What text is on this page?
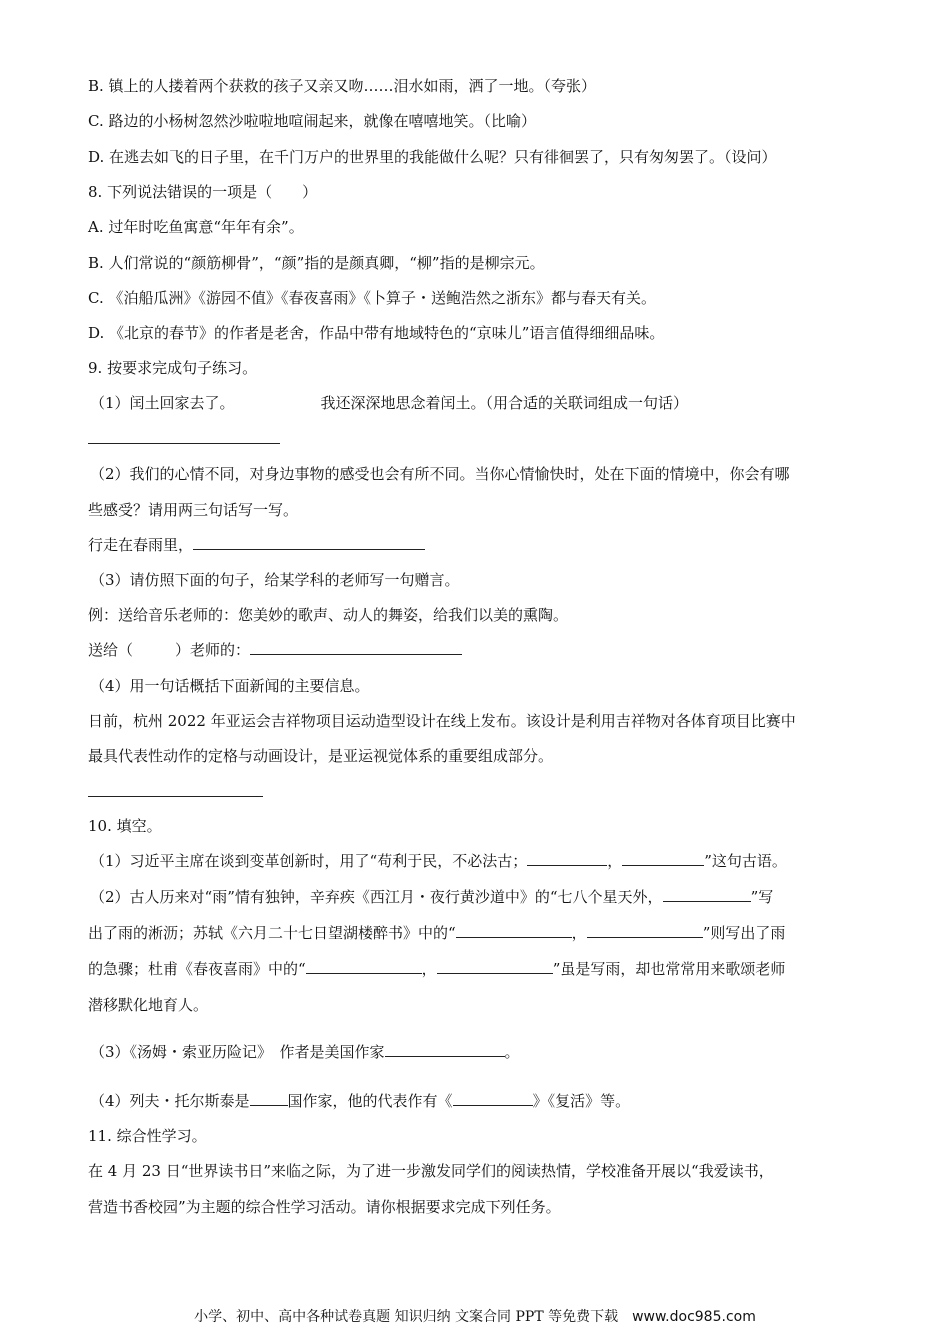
B. 镇上的人搂着两个获救的孩子又亲又吻……泪水如雨，洒了一地。（夸张）
C. 路边的小杨树忽然沙啦啦地喧闹起来，就像在嘻嘻地笑。（比喻）
D. 在逃去如飞的日子里，在千门万户的世界里的我能做什么呢？只有徘徊罢了，只有匆匆罢了。（设问）
8. 下列说法错误的一项是（　　）
A. 过年时吃鱼寓意“年年有余”。
B. 人们常说的“颜筋柳骨”，“颜”指的是颜真卿，“柳”指的是柳宗元。
C. 《泊船瓜洲》《游园不值》《春夜喜雨》《卜算子・送鲍浩然之浙东》都与春天有关。
D. 《北京的春节》的作者是老舍，作品中带有地域特色的“京味儿”语言值得细细品味。
9. 按要求完成句子练习。
（1）闰土回家去了。	我还深深地思念着闰土。（用合适的关联词组成一句话）
（2）我们的心情不同，对身边事物的感受也会有所不同。当你心情愉快时，处在下面的情境中，你会有哪
些感受？请用两三句话写一写。
行走在春雨里，
（3）请仿照下面的句子，给某学科的老师写一句赠言。
例：送给音乐老师的：您美妙的歌声、动人的舞姿，给我们以美的熏陶。
送给（	）老师的：
（4）用一句话概括下面新闻的主要信息。
日前，杭州 2022 年亚运会吉祥物项目运动造型设计在线上发布。该设计是利用吉祥物对各体育项目比赛中
最具代表性动作的定格与动画设计，是亚运视觉体系的重要组成部分。
10. 填空。
（1）习近平主席在谈到变革创新时，用了“苟利于民，不必法古；	，	”这句古语。
（2）古人历来对“雨”情有独钟，辛弃疾《西江月・夜行黄沙道中》的“七八个星天外，	”写
出了雨的淅沥；苏轼《六月二十七日望湖楼醉书》中的“	，	”则写出了雨
的急骤；杜甫《春夜喜雨》中的“	，	”虽是写雨，却也常常用来歌颂老师
潜移默化地育人。
（3）《汤姆・索亚历险记》　作者是美国作家	。
（4）列夫・托尔斯泰是	国作家，他的代表作有《	》《复活》等。
11. 综合性学习。
在 4 月 23 日“世界读书日”来临之际，为了进一步激发同学们的阅读热情，学校准备开展以“我爱读书，
营造书香校园”为主题的综合性学习活动。请你根据要求完成下列任务。
小学、初中、高中各种试卷真题 知识归纳 文案合同 PPT 等免费下载 www.doc985.com
